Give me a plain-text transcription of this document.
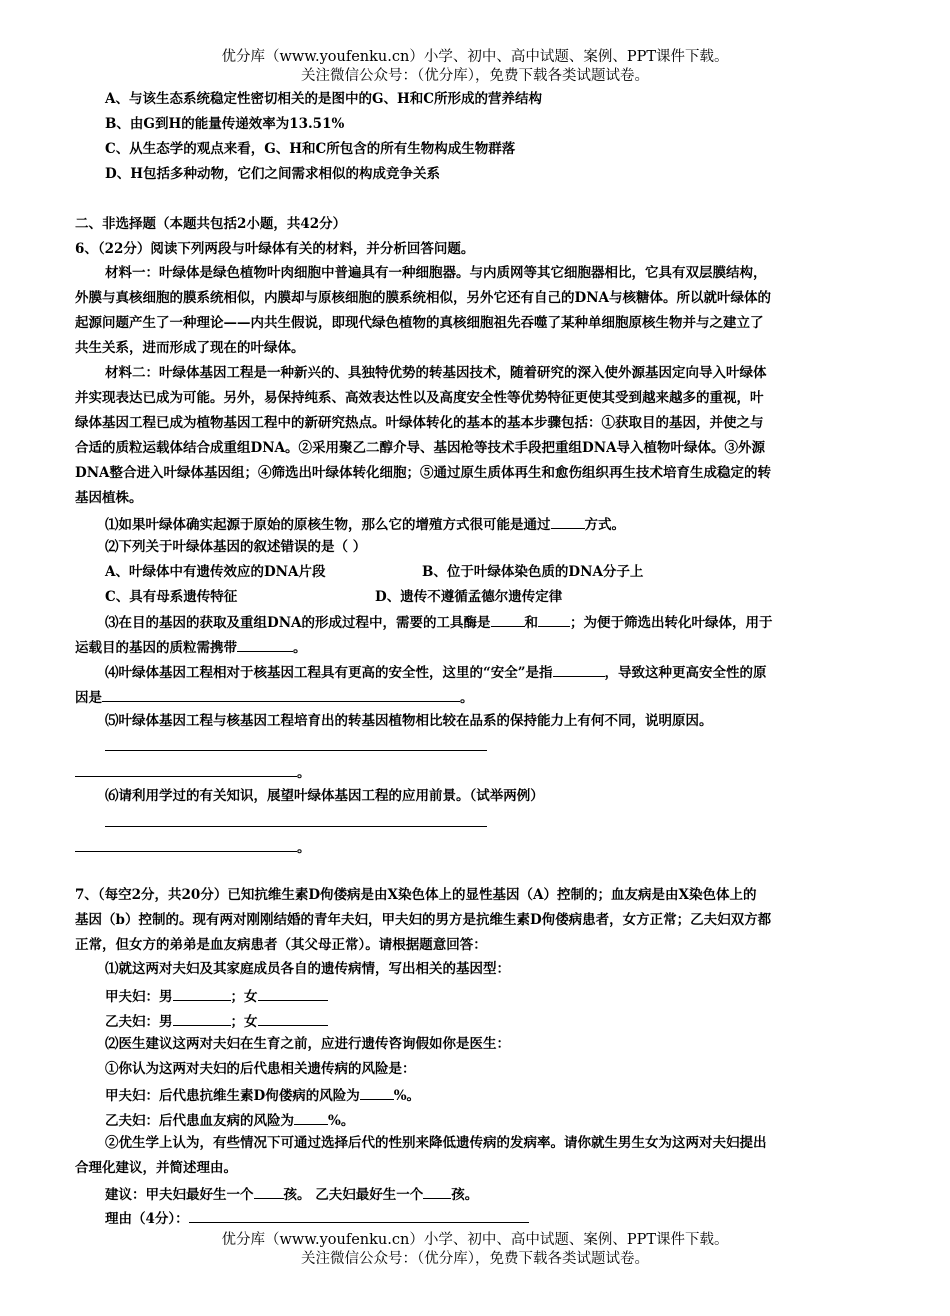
优分库（www.youfenku.cn）小学、初中、高中试题、案例、PPT课件下载。
关注微信公众号：（优分库），免费下载各类试题试卷。
A、与该生态系统稳定性密切相关的是图中的G、H和C所形成的营养结构
B、由G到H的能量传递效率为13.51%
C、从生态学的观点来看，G、H和C所包含的所有生物构成生物群落
D、H包括多种动物，它们之间需求相似的构成竞争关系
二、非选择题（本题共包括2小题，共42分）
6、（22分）阅读下列两段与叶绿体有关的材料，并分析回答问题。
材料一：叶绿体是绿色植物叶肉细胞中普遍具有一种细胞器。与内质网等其它细胞器相比，它具有双层膜结构，
外膜与真核细胞的膜系统相似，内膜却与原核细胞的膜系统相似，另外它还有自己的DNA与核糖体。所以就叶绿体的
起源问题产生了一种理论——内共生假说，即现代绿色植物的真核细胞祖先吞噬了某种单细胞原核生物并与之建立了
共生关系，进而形成了现在的叶绿体。
材料二：叶绿体基因工程是一种新兴的、具独特优势的转基因技术，随着研究的深入使外源基因定向导入叶绿体
并实现表达已成为可能。另外，易保持纯系、高效表达性以及高度安全性等优势特征更使其受到越来越多的重视，叶
绿体基因工程已成为植物基因工程中的新研究热点。叶绿体转化的基本的基本步骤包括：①获取目的基因，并使之与
合适的质粒运载体结合成重组DNA。②采用聚乙二醇介导、基因枪等技术手段把重组DNA导入植物叶绿体。③外源
DNA整合进入叶绿体基因组；④筛选出叶绿体转化细胞；⑤通过原生质体再生和愈伤组织再生技术培育生成稳定的转
基因植株。
⑴如果叶绿体确实起源于原始的原核生物，那么它的增殖方式很可能是通过	方式。
⑵下列关于叶绿体基因的叙述错误的是（ ）
A、叶绿体中有遗传效应的DNA片段	B、位于叶绿体染色质的DNA分子上
C、具有母系遗传特征	D、遗传不遵循孟德尔遗传定律
⑶在目的基因的获取及重组DNA的形成过程中，需要的工具酶是	和 ；为便于筛选出转化叶绿体，用于
运载目的基因的质粒需携带	。
⑷叶绿体基因工程相对于核基因工程具有更高的安全性，这里的“安全”是指	，导致这种更高安全性的原
因是	。
⑸叶绿体基因工程与核基因工程培育出的转基因植物相比较在品系的保持能力上有何不同，说明原因。
。
⑹请利用学过的有关知识，展望叶绿体基因工程的应用前景。（试举两例）
。
7、（每空2分，共20分）已知抗维生素D佝偻病是由X染色体上的显性基因（A）控制的；血友病是由X染色体上的
基因（b）控制的。现有两对刚刚结婚的青年夫妇，甲夫妇的男方是抗维生素D佝偻病患者，女方正常；乙夫妇双方都
正常，但女方的弟弟是血友病患者（其父母正常）。请根据题意回答：
⑴就这两对夫妇及其家庭成员各自的遗传病情，写出相关的基因型：
甲夫妇：男	；女
乙夫妇：男	；女
⑵医生建议这两对夫妇在生育之前，应进行遗传咨询假如你是医生：
①你认为这两对夫妇的后代患相关遗传病的风险是：
甲夫妇：后代患抗维生素D佝偻病的风险为	%。
乙夫妇：后代患血友病的风险为	%。
②优生学上认为，有些情况下可通过选择后代的性别来降低遗传病的发病率。请你就生男生女为这两对夫妇提出
合理化建议，并简述理由。
建议：甲夫妇最好生一个 孩。 乙夫妇最好生一个 孩。
理由（4分）：
优分库（www.youfenku.cn）小学、初中、高中试题、案例、PPT课件下载。
关注微信公众号：（优分库），免费下载各类试题试卷。
